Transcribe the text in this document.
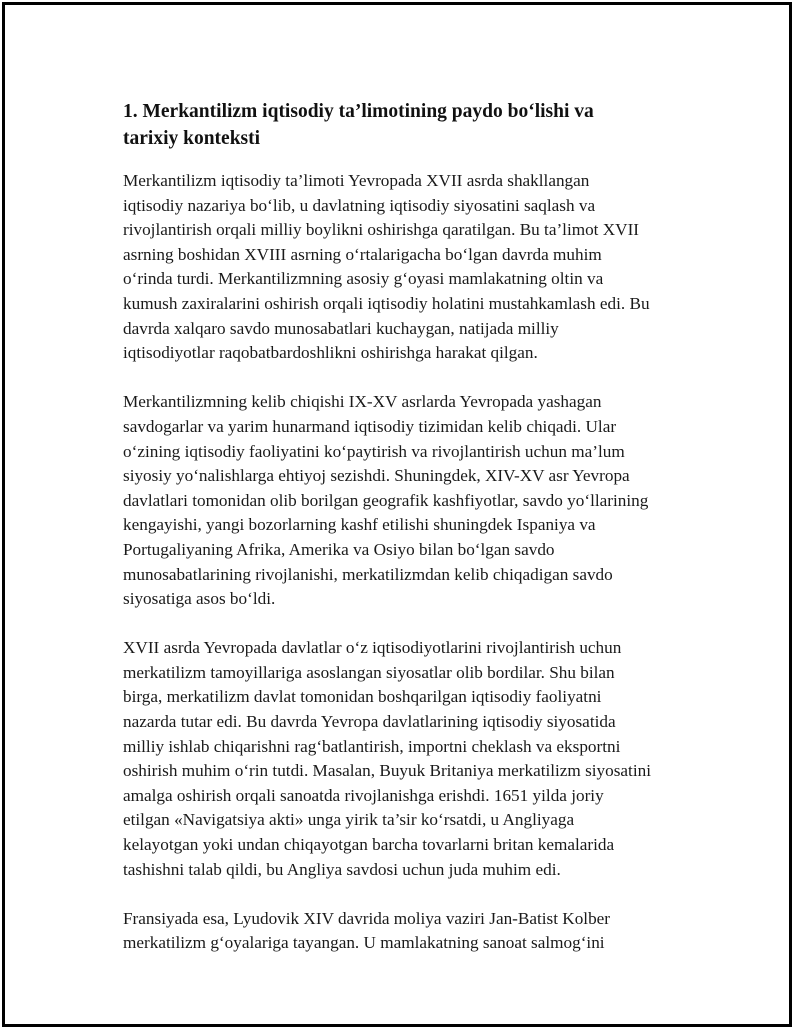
1. Merkantilizm iqtisodiy ta’limotining paydo bo‘lishi va
tarixiy konteksti

Merkantilizm iqtisodiy ta’limoti Yevropada XVII asrda shakllangan
iqtisodiy nazariya bo‘lib, u davlatning iqtisodiy siyosatini saqlash va
rivojlantirish orqali milliy boylikni oshirishga qaratilgan. Bu ta’limot XVII
asrning boshidan XVIII asrning o‘rtalarigacha bo‘lgan davrda muhim
o‘rinda turdi. Merkantilizmning asosiy g‘oyasi mamlakatning oltin va
kumush zaxiralarini oshirish orqali iqtisodiy holatini mustahkamlash edi. Bu
davrda xalqaro savdo munosabatlari kuchaygan, natijada milliy
iqtisodiyotlar raqobatbardoshlikni oshirishga harakat qilgan.

Merkantilizmning kelib chiqishi IX-XV asrlarda Yevropada yashagan
savdogarlar va yarim hunarmand iqtisodiy tizimidan kelib chiqadi. Ular
o‘zining iqtisodiy faoliyatini ko‘paytirish va rivojlantirish uchun ma’lum
siyosiy yo‘nalishlarga ehtiyoj sezishdi. Shuningdek, XIV-XV asr Yevropa
davlatlari tomonidan olib borilgan geografik kashfiyotlar, savdo yo‘llarining
kengayishi, yangi bozorlarning kashf etilishi shuningdek Ispaniya va
Portugaliyaning Afrika, Amerika va Osiyo bilan bo‘lgan savdo
munosabatlarining rivojlanishi, merkatilizmdan kelib chiqadigan savdo
siyosatiga asos bo‘ldi.

XVII asrda Yevropada davlatlar o‘z iqtisodiyotlarini rivojlantirish uchun
merkatilizm tamoyillariga asoslangan siyosatlar olib bordilar. Shu bilan
birga, merkatilizm davlat tomonidan boshqarilgan iqtisodiy faoliyatni
nazarda tutar edi. Bu davrda Yevropa davlatlarining iqtisodiy siyosatida
milliy ishlab chiqarishni rag‘batlantirish, importni cheklash va eksportni
oshirish muhim o‘rin tutdi. Masalan, Buyuk Britaniya merkatilizm siyosatini
amalga oshirish orqali sanoatda rivojlanishga erishdi. 1651 yilda joriy
etilgan «Navigatsiya akti» unga yirik ta’sir ko‘rsatdi, u Angliyaga
kelayotgan yoki undan chiqayotgan barcha tovarlarni britan kemalarida
tashishni talab qildi, bu Angliya savdosi uchun juda muhim edi.

Fransiyada esa, Lyudovik XIV davrida moliya vaziri Jan-Batist Kolber
merkatilizm g‘oyalariga tayangan. U mamlakatning sanoat salmog‘ini
